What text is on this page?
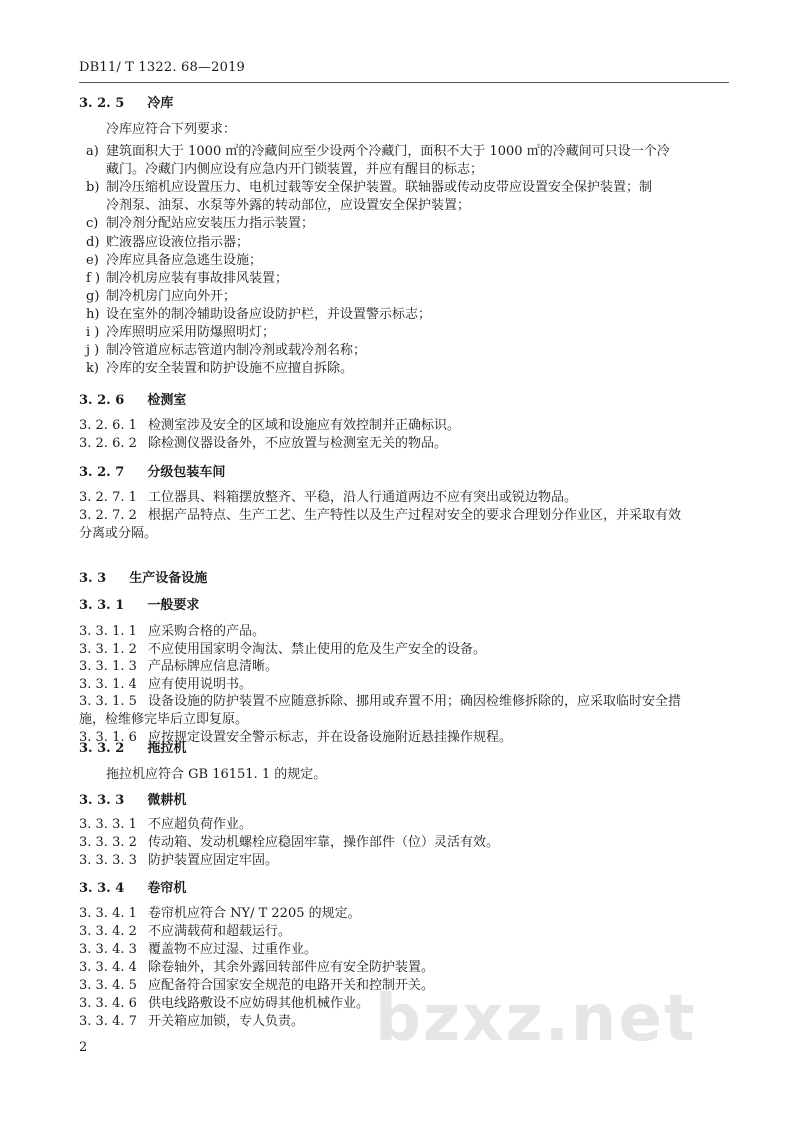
DB11/ T 1322. 68—2019
3. 2. 5 冷库
冷库应符合下列要求：
a) 建筑面积大于 1000 ㎡的冷藏间应至少设两个冷藏门，面积不大于 1000 ㎡的冷藏间可只设一个冷
藏门。冷藏门内侧应设有应急内开门锁装置，并应有醒目的标志；
b) 制冷压缩机应设置压力、电机过载等安全保护装置。联轴器或传动皮带应设置安全保护装置；制
冷剂泵、油泵、水泵等外露的转动部位，应设置安全保护装置；
c) 制冷剂分配站应安装压力指示装置；
d) 贮液器应设液位指示器；
e) 冷库应具备应急逃生设施；
f ) 制冷机房应装有事故排风装置；
g) 制冷机房门应向外开；
h) 设在室外的制冷辅助设备应设防护栏，并设置警示标志；
i ) 冷库照明应采用防爆照明灯；
j ) 制冷管道应标志管道内制冷剂或载冷剂名称；
k) 冷库的安全装置和防护设施不应擅自拆除。
3. 2. 6 检测室
3. 2. 6. 1 检测室涉及安全的区域和设施应有效控制并正确标识。
3. 2. 6. 2 除检测仪器设备外，不应放置与检测室无关的物品。
3. 2. 7 分级包装车间
3. 2. 7. 1 工位器具、料箱摆放整齐、平稳，沿人行通道两边不应有突出或锐边物品。
3. 2. 7. 2 根据产品特点、生产工艺、生产特性以及生产过程对安全的要求合理划分作业区，并采取有效
分离或分隔。
3. 3 生产设备设施
3. 3. 1 一般要求
3. 3. 1. 1 应采购合格的产品。
3. 3. 1. 2 不应使用国家明令淘汰、禁止使用的危及生产安全的设备。
3. 3. 1. 3 产品标牌应信息清晰。
3. 3. 1. 4 应有使用说明书。
3. 3. 1. 5 设备设施的防护装置不应随意拆除、挪用或弃置不用；确因检维修拆除的，应采取临时安全措
施，检维修完毕后立即复原。
3. 3. 1. 6 应按规定设置安全警示标志，并在设备设施附近悬挂操作规程。
3. 3. 2 拖拉机
拖拉机应符合 GB 16151. 1 的规定。
3. 3. 3 微耕机
3. 3. 3. 1 不应超负荷作业。
3. 3. 3. 2 传动箱、发动机螺栓应稳固牢靠，操作部件（位）灵活有效。
3. 3. 3. 3 防护装置应固定牢固。
3. 3. 4 卷帘机
3. 3. 4. 1 卷帘机应符合 NY/ T 2205 的规定。
3. 3. 4. 2 不应满载荷和超载运行。
3. 3. 4. 3 覆盖物不应过湿、过重作业。
3. 3. 4. 4 除卷轴外，其余外露回转部件应有安全防护装置。
3. 3. 4. 5 应配备符合国家安全规范的电路开关和控制开关。
3. 3. 4. 6 供电线路敷设不应妨碍其他机械作业。
3. 3. 4. 7 开关箱应加锁，专人负责。 bzxz.net
2
